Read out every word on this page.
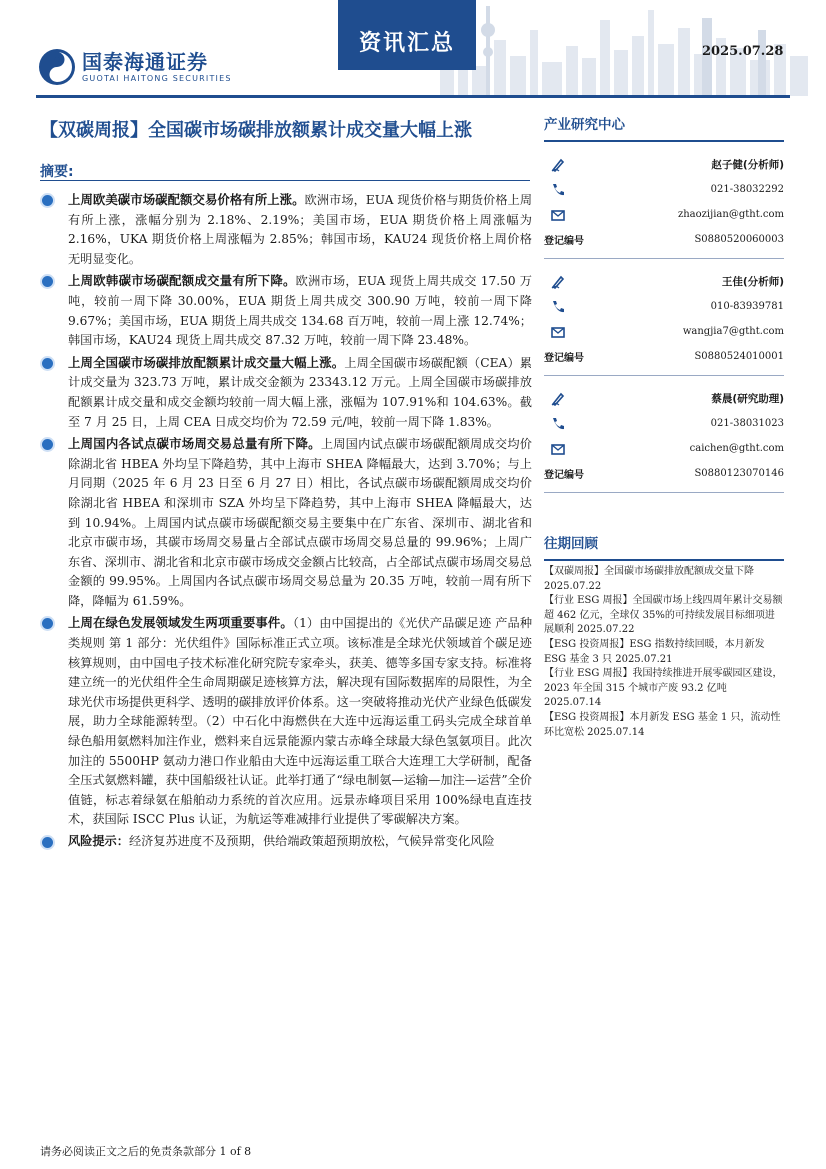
国泰海通证券
GUOTAI HAITONG SECURITIES
资讯汇总	2025.07.28
【双碳周报】全国碳市场碳排放额累计成交量大幅上涨
摘要:
上周欧美碳市场碳配额交易价格有所上涨。欧洲市场，EUA 现货价格与期货价格上周有所上涨，涨幅分别为 2.18%、2.19%；美国市场，EUA 期货价格上周涨幅为 2.16%，UKA 期货价格上周涨幅为 2.85%；韩国市场，KAU24 现货价格上周价格无明显变化。
上周欧韩碳市场碳配额成交量有所下降。欧洲市场，EUA 现货上周共成交 17.50 万吨，较前一周下降 30.00%，EUA 期货上周共成交 300.90 万吨，较前一周下降 9.67%；美国市场，EUA 期货上周共成交 134.68 百万吨，较前一周上涨 12.74%；韩国市场，KAU24 现货上周共成交 87.32 万吨，较前一周下降 23.48%。
上周全国碳市场碳排放配额累计成交量大幅上涨。上周全国碳市场碳配额（CEA）累计成交量为 323.73 万吨，累计成交金额为 23343.12 万元。上周全国碳市场碳排放配额累计成交量和成交金额均较前一周大幅上涨，涨幅为 107.91%和 104.63%。截至 7 月 25 日，上周 CEA 日成交均价为 72.59 元/吨，较前一周下降 1.83%。
上周国内各试点碳市场周交易总量有所下降。上周国内试点碳市场碳配额周成交均价除湖北省 HBEA 外均呈下降趋势，其中上海市 SHEA 降幅最大，达到 3.70%；与上月同期（2025 年 6 月 23 日至 6 月 27 日）相比，各试点碳市场碳配额周成交均价除湖北省 HBEA 和深圳市 SZA 外均呈下降趋势，其中上海市 SHEA 降幅最大，达到 10.94%。上周国内试点碳市场碳配额交易主要集中在广东省、深圳市、湖北省和北京市碳市场，其碳市场周交易量占全部试点碳市场周交易总量的 99.96%；上周广东省、深圳市、湖北省和北京市碳市场成交金额占比较高，占全部试点碳市场周交易总金额的 99.95%。上周国内各试点碳市场周交易总量为 20.35 万吨，较前一周有所下降，降幅为 61.59%。
上周在绿色发展领域发生两项重要事件。（1）由中国提出的《光伏产品碳足迹 产品种类规则 第 1 部分：光伏组件》国际标准正式立项。该标准是全球光伏领域首个碳足迹核算规则，由中国电子技术标准化研究院专家牵头，获美、德等多国专家支持。标准将建立统一的光伏组件全生命周期碳足迹核算方法，解决现有国际数据库的局限性，为全球光伏市场提供更科学、透明的碳排放评价体系。这一突破将推动光伏产业绿色低碳发展，助力全球能源转型。（2）中石化中海燃供在大连中远海运重工码头完成全球首单绿色船用氨燃料加注作业，燃料来自远景能源内蒙古赤峰全球最大绿色氢氨项目。此次加注的 5500HP 氨动力港口作业船由大连中远海运重工联合大连理工大学研制，配备全压式氨燃料罐，获中国船级社认证。此举打通了“绿电制氨—运输—加注—运营”全价值链，标志着绿氨在船舶动力系统的首次应用。远景赤峰项目采用 100%绿电直连技术，获国际 ISCC Plus 认证，为航运等难减排行业提供了零碳解决方案。
风险提示：经济复苏进度不及预期，供给端政策超预期放松，气候异常变化风险
产业研究中心
赵子健(分析师)
021-38032292
zhaozijian@gtht.com
登记编号	S0880520060003
王佳(分析师)
010-83939781
wangjia7@gtht.com
登记编号	S0880524010001
蔡晨(研究助理)
021-38031023
caichen@gtht.com
登记编号	S0880123070146
往期回顾
【双碳周报】全国碳市场碳排放配额成交量下降 2025.07.22
【行业 ESG 周报】全国碳市场上线四周年累计交易额超 462 亿元，全球仅 35%的可持续发展目标细项进展顺利 2025.07.22
【ESG 投资周报】ESG 指数持续回暖，本月新发 ESG 基金 3 只 2025.07.21
【行业 ESG 周报】我国持续推进开展零碳园区建设，2023 年全国 315 个城市产废 93.2 亿吨 2025.07.14
【ESG 投资周报】本月新发 ESG 基金 1 只，流动性环比宽松 2025.07.14
请务必阅读正文之后的免责条款部分 1 of 8
